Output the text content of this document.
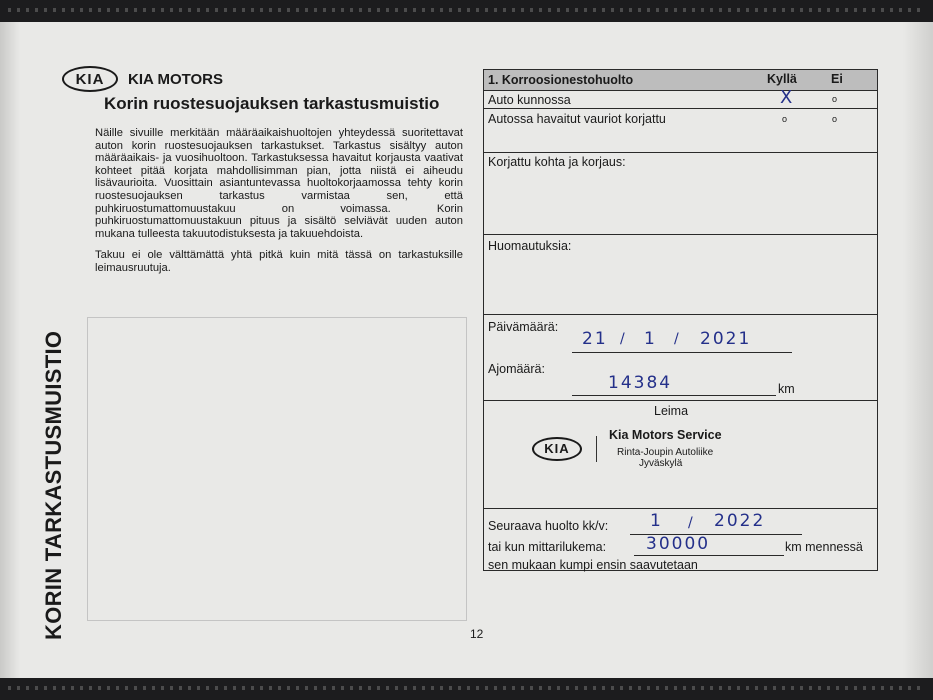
KIA	KIA MOTORS
Korin ruostesuojauksen tarkastusmuistio

Näille sivuille merkitään määräaikaishuoltojen yhteydessä suoritettavat auton korin ruostesuojauksen tarkastukset. Tarkastus sisältyy auton määräaikais- ja vuosihuoltoon. Tarkastuksessa havaitut korjausta vaativat kohteet pitää korjata mahdollisimman pian, jotta niistä ei aiheudu lisävaurioita. Vuosittain asiantuntevassa huoltokorjaamossa tehty korin ruostesuojauksen tarkastus varmistaa sen, että puhkiruostumattomuustakuu on voimassa. Korin puhkiruostumattomuustakuun pituus ja sisältö selviävät uuden auton mukana tulleesta takuutodistuksesta ja takuuehdoista.

Takuu ei ole välttämättä yhtä pitkä kuin mitä tässä on tarkastuksille leimausruutuja.

KORIN TARKASTUSMUISTIO	12
1. Korroosionestohuolto	Kyllä	Ei
Auto kunnossa	X	o
Autossa havaitut vauriot korjattu	o	o
Korjattu kohta ja korjaus:
Huomautuksia:
Päivämäärä:
21 / 1 / 2021
Ajomäärä:
14384	km
Leima
KIA
Kia Motors Service
Rinta-Joupin Autoliike
Jyväskylä
Seuraava huolto kk/v: 1 / 2022
tai kun mittarilukema: 30000	km mennessä
sen mukaan kumpi ensin saavutetaan
